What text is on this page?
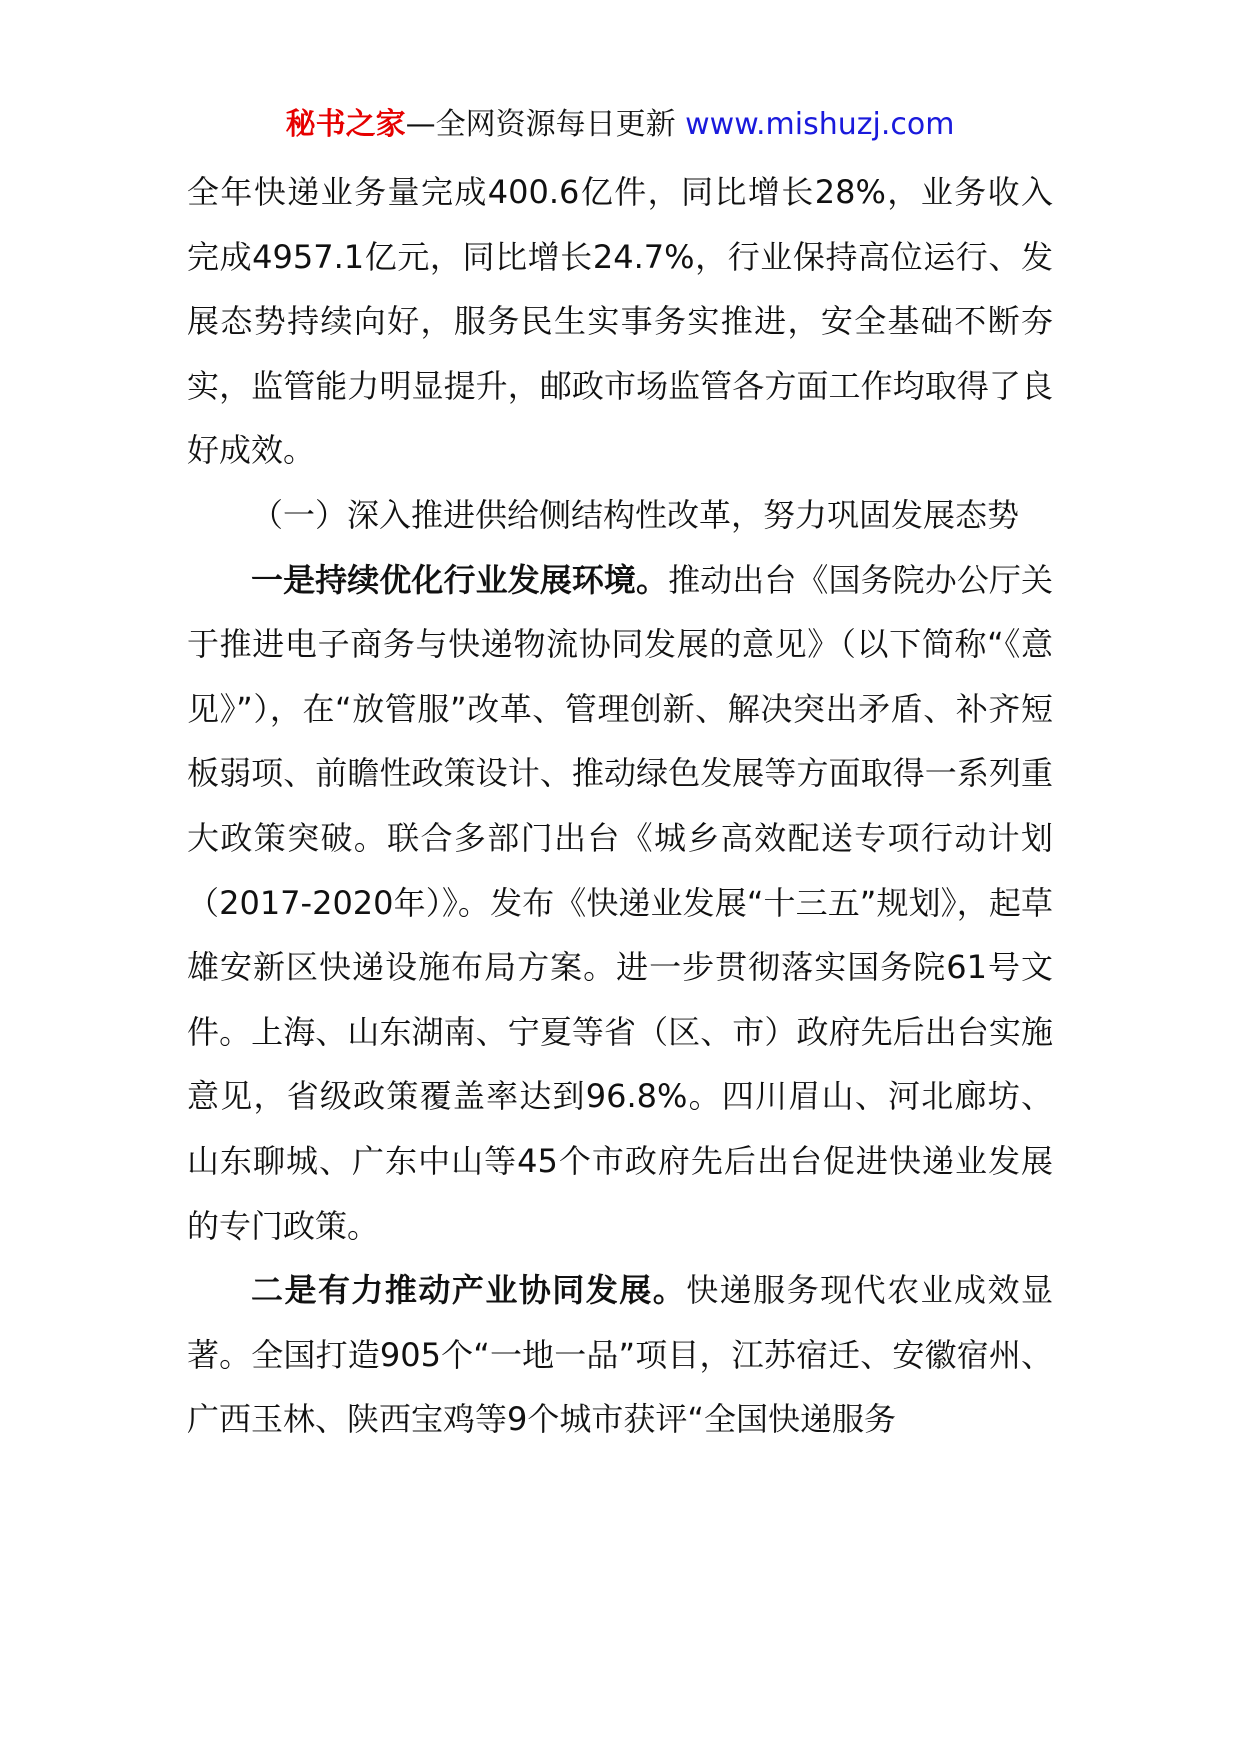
秘书之家—全网资源每日更新 www.mishuzj.com

全年快递业务量完成400.6亿件，同比增长28%，业务收入完成4957.1亿元，同比增长24.7%，行业保持高位运行、发展态势持续向好，服务民生实事务实推进，安全基础不断夯实，监管能力明显提升，邮政市场监管各方面工作均取得了良好成效。

（一）深入推进供给侧结构性改革，努力巩固发展态势

一是持续优化行业发展环境。推动出台《国务院办公厅关于推进电子商务与快递物流协同发展的意见》（以下简称“《意见》”），在“放管服”改革、管理创新、解决突出矛盾、补齐短板弱项、前瞻性政策设计、推动绿色发展等方面取得一系列重大政策突破。联合多部门出台《城乡高效配送专项行动计划（2017-2020年）》。发布《快递业发展“十三五”规划》，起草雄安新区快递设施布局方案。进一步贯彻落实国务院61号文件。上海、山东湖南、宁夏等省（区、市）政府先后出台实施意见，省级政策覆盖率达到96.8%。四川眉山、河北廊坊、山东聊城、广东中山等45个市政府先后出台促进快递业发展的专门政策。

二是有力推动产业协同发展。快递服务现代农业成效显著。全国打造905个“一地一品”项目，江苏宿迁、安徽宿州、广西玉林、陕西宝鸡等9个城市获评“全国快递服务
